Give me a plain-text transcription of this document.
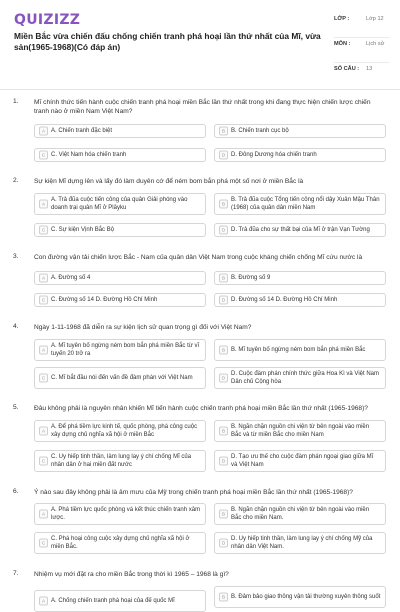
QUIZIZZ
Miền Bắc vừa chiến đấu chống chiến tranh phá hoại lần thứ nhất của Mĩ, vừa sản(1965-1968)(Có đáp án)
LỚP :	Lớp 12
MÔN :	Lịch sử
SỐ CÂU :	13
1. Mĩ chính thức tiến hành cuộc chiến tranh phá hoại miền Bắc lần thứ nhất trong khi đang thực hiện chiến lược chiến tranh nào ở miền Nam Việt Nam?
A A. Chiến tranh đặc biệt	B B. Chiến tranh cục bộ
C C. Việt Nam hóa chiến tranh	D D. Đông Dương hóa chiến tranh
2. Sự kiện Mĩ dựng lên và lấy đó làm duyên cớ để ném bom bắn phá một số nơi ở miền Bắc là
A
A. Trả đũa cuộc tiến công của quân Giải phóng vào doanh trại quân Mĩ ở Plâyku
B
B. Trả đũa cuộc Tổng tiến công nổi dậy Xuân Mậu Thân (1968) của quân dân miền Nam
C C. Sự kiện Vịnh Bắc Bộ	D D. Trả đũa cho sự thất bại của Mĩ ở trận Vạn Tường
3. Con đường vận tải chiến lược Bắc - Nam của quân dân Việt Nam trong cuộc kháng chiến chống Mĩ cứu nước là
A A. Đường số 4	B B. Đường số 9
C C. Đường số 14 D. Đường Hồ Chí Minh	D D. Đường số 14 D. Đường Hồ Chí Minh
4. Ngày 1-11-1968 đã diễn ra sự kiện lịch sử quan trọng gì đối với Việt Nam?
A
A. Mĩ tuyên bố ngừng ném bom bắn phá miền Bắc từ vĩ tuyến 20 trở ra
B B. Mĩ tuyên bố ngừng ném bom bắn phá miền Bắc
C C. Mĩ bắt đầu nói đến vấn đề đàm phán với Việt Nam	D
D. Cuộc đàm phán chính thức giữa Hoa Kì và Việt Nam Dân chủ Cộng hòa
5. Đâu không phải là nguyên nhân khiến Mĩ tiến hành cuộc chiến tranh phá hoại miền Bắc lần thứ nhất (1965-1968)?
A
A. Để phá tiềm lực kinh tế, quốc phòng, phá công cuộc xây dựng chủ nghĩa xã hội ở miền Bắc
B
B. Ngăn chặn nguồn chi viện từ bên ngoài vào miền Bắc và từ miền Bắc cho miền Nam
C
C. Uy hiếp tinh thần, làm lung lay ý chí chống Mĩ của nhân dân ở hai miền đất nước
D
D. Tạo ưu thế cho cuộc đàm phán ngoại giao giữa Mĩ và Việt Nam
6. Ý nào sau đây không phải là âm mưu của Mỹ trong chiến tranh phá hoại miền Bắc lần thứ nhất (1965-1968)?
A
A. Phá tiềm lực quốc phòng và kết thúc chiến tranh xâm lược.
B
B. Ngăn chặn nguồn chi viện từ bên ngoài vào miền Bắc cho miền Nam.
C
C. Phá hoại công cuộc xây dựng chủ nghĩa xã hội ở miền Bắc.
D
D. Uy hiếp tinh thần, làm lung lay ý chí chống Mỹ của nhân dân Việt Nam.
7. Nhiệm vụ mới đặt ra cho miền Bắc trong thời kì 1965 – 1968 là gì?
A A. Chống chiến tranh phá hoại của đế quốc Mĩ
B B. Đảm bảo giao thông vận tải thường xuyên thông suốt
